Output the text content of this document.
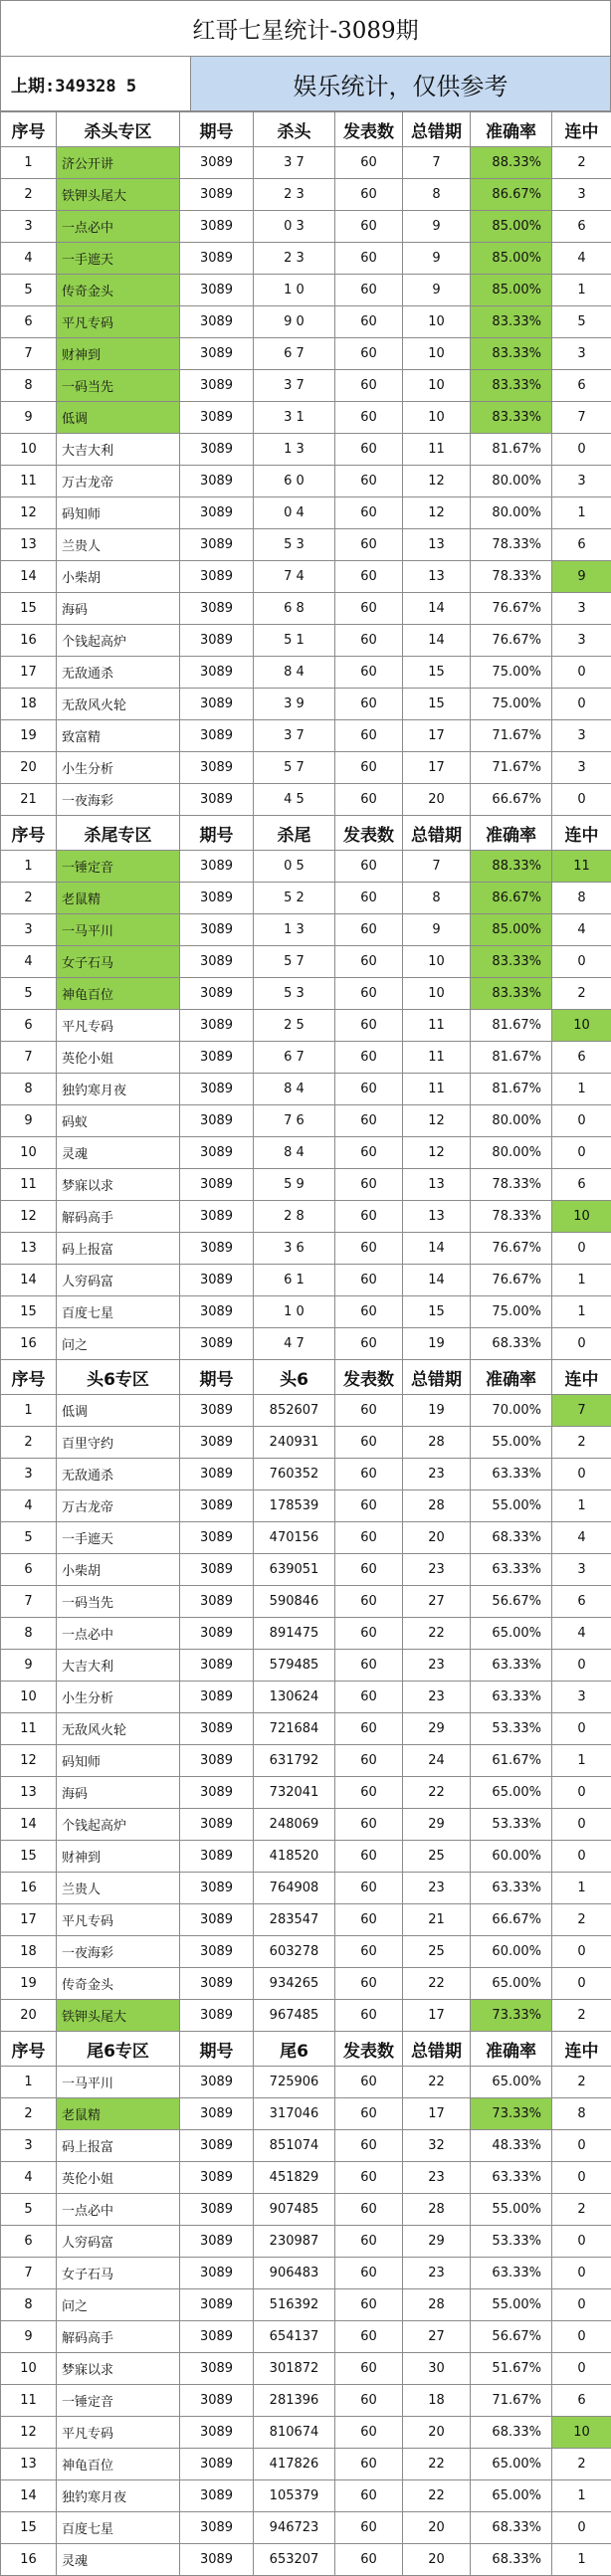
红哥七星统计-3089期
上期:349328 5	娱乐统计，仅供参考
序号	杀头专区	期号	杀头	发表数	总错期	准确率	连中
1	济公开讲	3089	3 7	60	7	88.33%	2
2	铁钾头尾大	3089	2 3	60	8	86.67%	3
3	一点必中	3089	0 3	60	9	85.00%	6
4	一手遮天	3089	2 3	60	9	85.00%	4
5	传奇金头	3089	1 0	60	9	85.00%	1
6	平凡专码	3089	9 0	60	10	83.33%	5
7	财神到	3089	6 7	60	10	83.33%	3
8	一码当先	3089	3 7	60	10	83.33%	6
9	低调	3089	3 1	60	10	83.33%	7
10	大吉大利	3089	1 3	60	11	81.67%	0
11	万古龙帝	3089	6 0	60	12	80.00%	3
12	码知师	3089	0 4	60	12	80.00%	1
13	兰贵人	3089	5 3	60	13	78.33%	6
14	小柴胡	3089	7 4	60	13	78.33%	9
15	海码	3089	6 8	60	14	76.67%	3
16	个钱起高炉	3089	5 1	60	14	76.67%	3
17	无敌通杀	3089	8 4	60	15	75.00%	0
18	无敌风火轮	3089	3 9	60	15	75.00%	0
19	致富精	3089	3 7	60	17	71.67%	3
20	小生分析	3089	5 7	60	17	71.67%	3
21	一夜海彩	3089	4 5	60	20	66.67%	0
序号	杀尾专区	期号	杀尾	发表数	总错期	准确率	连中
1	一锤定音	3089	0 5	60	7	88.33%	11
2	老鼠精	3089	5 2	60	8	86.67%	8
3	一马平川	3089	1 3	60	9	85.00%	4
4	女子石马	3089	5 7	60	10	83.33%	0
5	神龟百位	3089	5 3	60	10	83.33%	2
6	平凡专码	3089	2 5	60	11	81.67%	10
7	英伦小姐	3089	6 7	60	11	81.67%	6
8	独钓寒月夜	3089	8 4	60	11	81.67%	1
9	码蚁	3089	7 6	60	12	80.00%	0
10	灵魂	3089	8 4	60	12	80.00%	0
11	梦寐以求	3089	5 9	60	13	78.33%	6
12	解码高手	3089	2 8	60	13	78.33%	10
13	码上报富	3089	3 6	60	14	76.67%	0
14	人穷码富	3089	6 1	60	14	76.67%	1
15	百度七星	3089	1 0	60	15	75.00%	1
16	问之	3089	4 7	60	19	68.33%	0
序号	头6专区	期号	头6	发表数	总错期	准确率	连中
1	低调	3089	852607	60	19	70.00%	7
2	百里守约	3089	240931	60	28	55.00%	2
3	无敌通杀	3089	760352	60	23	63.33%	0
4	万古龙帝	3089	178539	60	28	55.00%	1
5	一手遮天	3089	470156	60	20	68.33%	4
6	小柴胡	3089	639051	60	23	63.33%	3
7	一码当先	3089	590846	60	27	56.67%	6
8	一点必中	3089	891475	60	22	65.00%	4
9	大吉大利	3089	579485	60	23	63.33%	0
10	小生分析	3089	130624	60	23	63.33%	3
11	无敌风火轮	3089	721684	60	29	53.33%	0
12	码知师	3089	631792	60	24	61.67%	1
13	海码	3089	732041	60	22	65.00%	0
14	个钱起高炉	3089	248069	60	29	53.33%	0
15	财神到	3089	418520	60	25	60.00%	0
16	兰贵人	3089	764908	60	23	63.33%	1
17	平凡专码	3089	283547	60	21	66.67%	2
18	一夜海彩	3089	603278	60	25	60.00%	0
19	传奇金头	3089	934265	60	22	65.00%	0
20	铁钾头尾大	3089	967485	60	17	73.33%	2
序号	尾6专区	期号	尾6	发表数	总错期	准确率	连中
1	一马平川	3089	725906	60	22	65.00%	2
2	老鼠精	3089	317046	60	17	73.33%	8
3	码上报富	3089	851074	60	32	48.33%	0
4	英伦小姐	3089	451829	60	23	63.33%	0
5	一点必中	3089	907485	60	28	55.00%	2
6	人穷码富	3089	230987	60	29	53.33%	0
7	女子石马	3089	906483	60	23	63.33%	0
8	问之	3089	516392	60	28	55.00%	0
9	解码高手	3089	654137	60	27	56.67%	0
10	梦寐以求	3089	301872	60	30	51.67%	0
11	一锤定音	3089	281396	60	18	71.67%	6
12	平凡专码	3089	810674	60	20	68.33%	10
13	神龟百位	3089	417826	60	22	65.00%	2
14	独钓寒月夜	3089	105379	60	22	65.00%	1
15	百度七星	3089	946723	60	20	68.33%	0
16	灵魂	3089	653207	60	20	68.33%	1
